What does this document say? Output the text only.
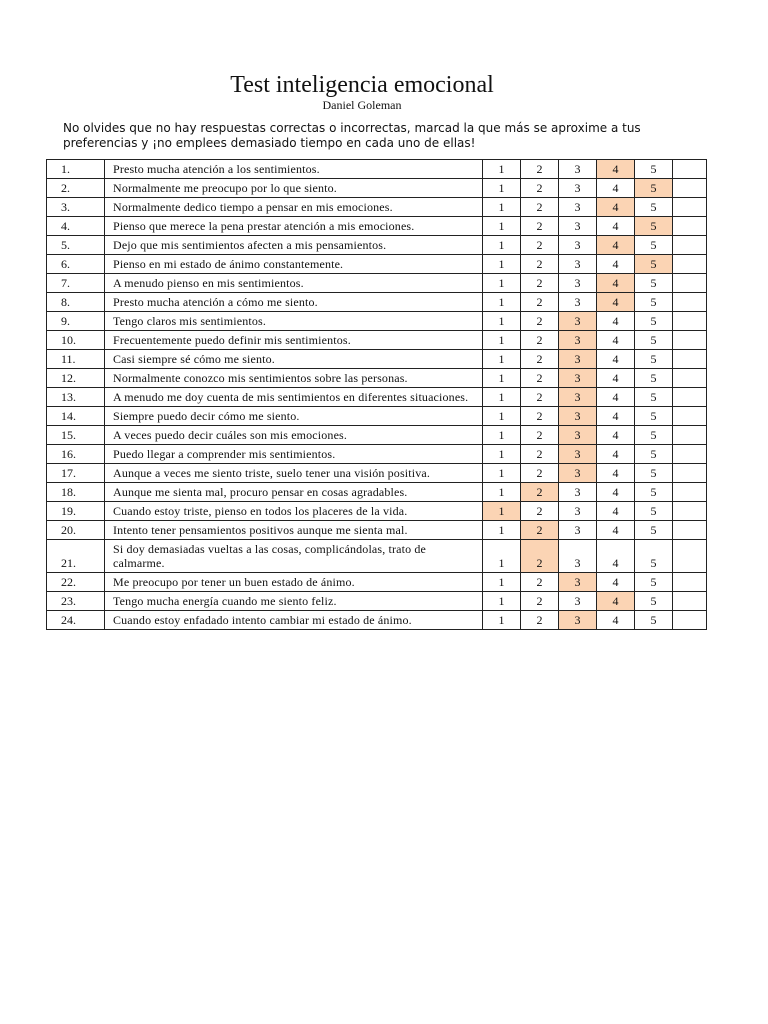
Test inteligencia emocional
Daniel Goleman
No olvides que no hay respuestas correctas o incorrectas, marcad la que más se aproxime a tus preferencias y ¡no emplees demasiado tiempo en cada uno de ellas!
1.	Presto mucha atención a los sentimientos.	1	2	3	4	5	
2.	Normalmente me preocupo por lo que siento.	1	2	3	4	5	
3.	Normalmente dedico tiempo a pensar en mis emociones.	1	2	3	4	5	
4.	Pienso que merece la pena prestar atención a mis emociones.	1	2	3	4	5	
5.	Dejo que mis sentimientos afecten a mis pensamientos.	1	2	3	4	5	
6.	Pienso en mi estado de ánimo constantemente.	1	2	3	4	5	
7.	A menudo pienso en mis sentimientos.	1	2	3	4	5	
8.	Presto mucha atención a cómo me siento.	1	2	3	4	5	
9.	Tengo claros mis sentimientos.	1	2	3	4	5	
10.	Frecuentemente puedo definir mis sentimientos.	1	2	3	4	5	
11.	Casi siempre sé cómo me siento.	1	2	3	4	5	
12.	Normalmente conozco mis sentimientos sobre las personas.	1	2	3	4	5	
13.	A menudo me doy cuenta de mis sentimientos en diferentes situaciones.	1	2	3	4	5	
14.	Siempre puedo decir cómo me siento.	1	2	3	4	5	
15.	A veces puedo decir cuáles son mis emociones.	1	2	3	4	5	
16.	Puedo llegar a comprender mis sentimientos.	1	2	3	4	5	
17.	Aunque a veces me siento triste, suelo tener una visión positiva.	1	2	3	4	5	
18.	Aunque me sienta mal, procuro pensar en cosas agradables.	1	2	3	4	5	
19.	Cuando estoy triste, pienso en todos los placeres de la vida.	1	2	3	4	5	
20.	Intento tener pensamientos positivos aunque me sienta mal.	1	2	3	4	5	
21.	Si doy demasiadas vueltas a las cosas, complicándolas, trato de calmarme.	1	2	3	4	5	
22.	Me preocupo por tener un buen estado de ánimo.	1	2	3	4	5	
23.	Tengo mucha energía cuando me siento feliz.	1	2	3	4	5	
24.	Cuando estoy enfadado intento cambiar mi estado de ánimo.	1	2	3	4	5	
